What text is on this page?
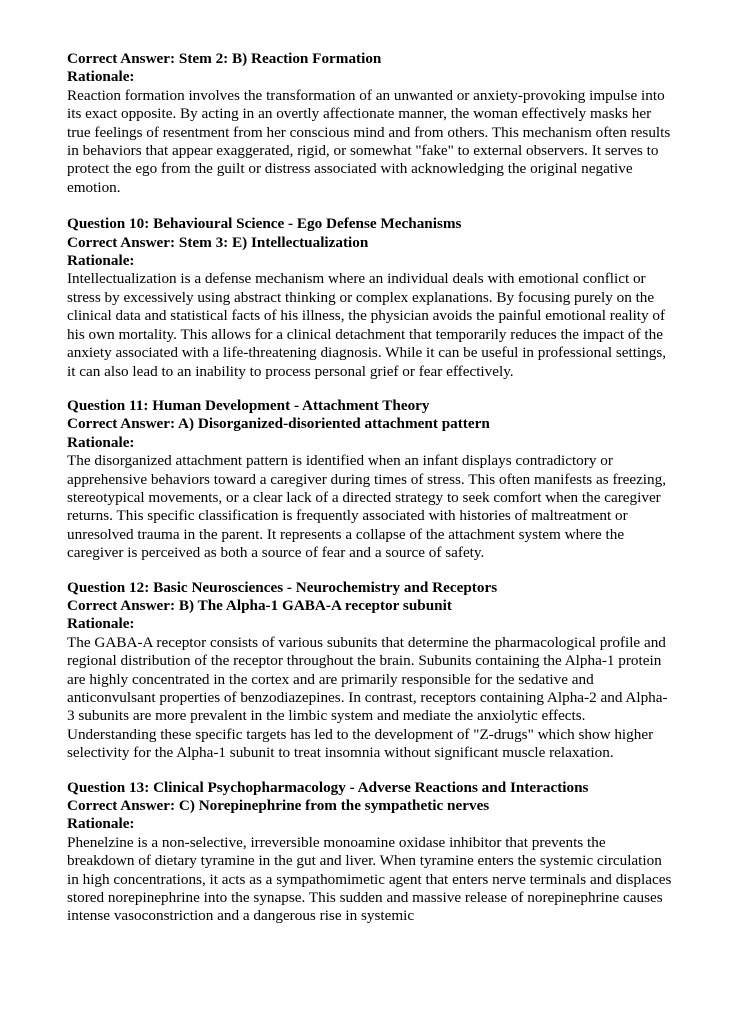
Correct Answer: Stem 2: B) Reaction Formation
Rationale:
Reaction formation involves the transformation of an unwanted or anxiety-provoking impulse into its exact opposite. By acting in an overtly affectionate manner, the woman effectively masks her true feelings of resentment from her conscious mind and from others. This mechanism often results in behaviors that appear exaggerated, rigid, or somewhat "fake" to external observers. It serves to protect the ego from the guilt or distress associated with acknowledging the original negative emotion.
Question 10: Behavioural Science - Ego Defense Mechanisms
Correct Answer: Stem 3: E) Intellectualization
Rationale:
Intellectualization is a defense mechanism where an individual deals with emotional conflict or stress by excessively using abstract thinking or complex explanations. By focusing purely on the clinical data and statistical facts of his illness, the physician avoids the painful emotional reality of his own mortality. This allows for a clinical detachment that temporarily reduces the impact of the anxiety associated with a life-threatening diagnosis. While it can be useful in professional settings, it can also lead to an inability to process personal grief or fear effectively.
Question 11: Human Development - Attachment Theory
Correct Answer: A) Disorganized-disoriented attachment pattern
Rationale:
The disorganized attachment pattern is identified when an infant displays contradictory or apprehensive behaviors toward a caregiver during times of stress. This often manifests as freezing, stereotypical movements, or a clear lack of a directed strategy to seek comfort when the caregiver returns. This specific classification is frequently associated with histories of maltreatment or unresolved trauma in the parent. It represents a collapse of the attachment system where the caregiver is perceived as both a source of fear and a source of safety.
Question 12: Basic Neurosciences - Neurochemistry and Receptors
Correct Answer: B) The Alpha-1 GABA-A receptor subunit
Rationale:
The GABA-A receptor consists of various subunits that determine the pharmacological profile and regional distribution of the receptor throughout the brain. Subunits containing the Alpha-1 protein are highly concentrated in the cortex and are primarily responsible for the sedative and anticonvulsant properties of benzodiazepines. In contrast, receptors containing Alpha-2 and Alpha-3 subunits are more prevalent in the limbic system and mediate the anxiolytic effects. Understanding these specific targets has led to the development of "Z-drugs" which show higher selectivity for the Alpha-1 subunit to treat insomnia without significant muscle relaxation.
Question 13: Clinical Psychopharmacology - Adverse Reactions and Interactions
Correct Answer: C) Norepinephrine from the sympathetic nerves
Rationale:
Phenelzine is a non-selective, irreversible monoamine oxidase inhibitor that prevents the breakdown of dietary tyramine in the gut and liver. When tyramine enters the systemic circulation in high concentrations, it acts as a sympathomimetic agent that enters nerve terminals and displaces stored norepinephrine into the synapse. This sudden and massive release of norepinephrine causes intense vasoconstriction and a dangerous rise in systemic
